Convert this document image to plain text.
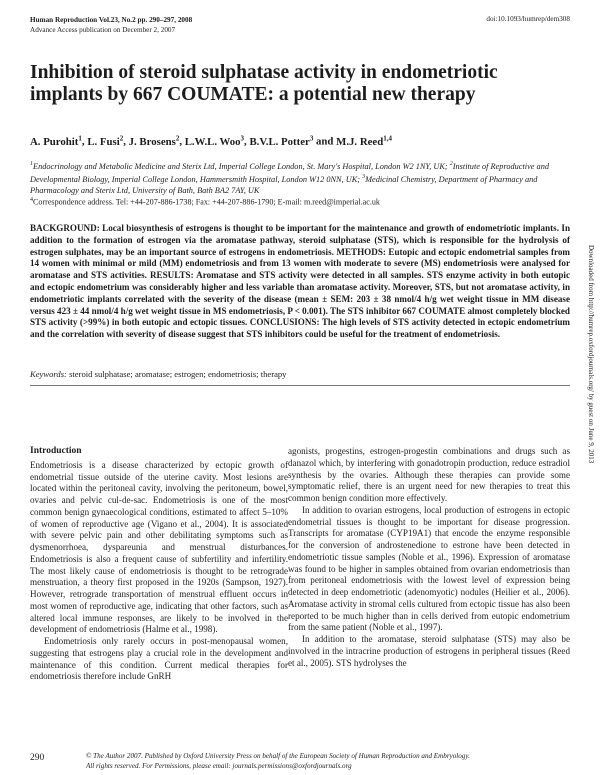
Human Reproduction Vol.23, No.2 pp. 290–297, 2008
Advance Access publication on December 2, 2007
doi:10.1093/humrep/dem308
Inhibition of steroid sulphatase activity in endometriotic implants by 667 COUMATE: a potential new therapy
A. Purohit$^1$, L. Fusi$^2$, J. Brosens$^2$, L.W.L. Woo$^3$, B.V.L. Potter$^3$ and M.J. Reed$^{1,4}$
$^1$Endocrinology and Metabolic Medicine and Sterix Ltd, Imperial College London, St. Mary's Hospital, London W2 1NY, UK; $^2$Institute of Reproductive and Developmental Biology, Imperial College London, Hammersmith Hospital, London W12 0NN, UK; $^3$Medicinal Chemistry, Department of Pharmacy and Pharmacology and Sterix Ltd, University of Bath, Bath BA2 7AY, UK
$^4$Correspondence address. Tel: +44-207-886-1738; Fax: +44-207-886-1790; E-mail: m.reed@imperial.ac.uk
BACKGROUND: Local biosynthesis of estrogens is thought to be important for the maintenance and growth of endometriotic implants. In addition to the formation of estrogen via the aromatase pathway, steroid sulphatase (STS), which is responsible for the hydrolysis of estrogen sulphates, may be an important source of estrogens in endometriosis. METHODS: Eutopic and ectopic endometrial samples from 14 women with minimal or mild (MM) endometriosis and from 13 women with moderate to severe (MS) endometriosis were analysed for aromatase and STS activities. RESULTS: Aromatase and STS activity were detected in all samples. STS enzyme activity in both eutopic and ectopic endometrium was considerably higher and less variable than aromatase activity. Moreover, STS, but not aromatase activity, in endometriotic implants correlated with the severity of the disease (mean ± SEM: 203 ± 38 nmol/4 h/g wet weight tissue in MM disease versus 423 ± 44 nmol/4 h/g wet weight tissue in MS endometriosis, P < 0.001). The STS inhibitor 667 COUMATE almost completely blocked STS activity (>99%) in both eutopic and ectopic tissues. CONCLUSIONS: The high levels of STS activity detected in ectopic endometrium and the correlation with severity of disease suggest that STS inhibitors could be useful for the treatment of endometriosis.
Keywords: steroid sulphatase; aromatase; estrogen; endometriosis; therapy
Introduction

Endometriosis is a disease characterized by ectopic growth of endometrial tissue outside of the uterine cavity. Most lesions are located within the peritoneal cavity, involving the peritoneum, bowel, ovaries and pelvic cul-de-sac. Endometriosis is one of the most common benign gynaecological conditions, estimated to affect 5–10% of women of reproductive age (Vigano et al., 2004). It is associated with severe pelvic pain and other debilitating symptoms such as dysmenorrhoea, dyspareunia and menstrual disturbances. Endometriosis is also a frequent cause of subfertility and infertility. The most likely cause of endometriosis is thought to be retrograde menstruation, a theory first proposed in the 1920s (Sampson, 1927). However, retrograde transportation of menstrual effluent occurs in most women of reproductive age, indicating that other factors, such as altered local immune responses, are likely to be involved in the development of endometriosis (Halme et al., 1998).

Endometriosis only rarely occurs in post-menopausal women, suggesting that estrogens play a crucial role in the development and maintenance of this condition. Current medical therapies for endometriosis therefore include GnRH

agonists, progestins, estrogen-progestin combinations and drugs such as danazol which, by interfering with gonadotropin production, reduce estradiol synthesis by the ovaries. Although these therapies can provide some symptomatic relief, there is an urgent need for new therapies to treat this common benign condition more effectively.

In addition to ovarian estrogens, local production of estrogens in ectopic endometrial tissues is thought to be important for disease progression. Transcripts for aromatase (CYP19A1) that encode the enzyme responsible for the conversion of androstenedione to estrone have been detected in endometriotic tissue samples (Noble et al., 1996). Expression of aromatase was found to be higher in samples obtained from ovarian endometriosis than from peritoneal endometriosis with the lowest level of expression being detected in deep endometriotic (adenomyotic) nodules (Heilier et al., 2006). Aromatase activity in stromal cells cultured from ectopic tissue has also been reported to be much higher than in cells derived from eutopic endometrium from the same patient (Noble et al., 1997).

In addition to the aromatase, steroid sulphatase (STS) may also be involved in the intracrine production of estrogens in peripheral tissues (Reed et al., 2005). STS hydrolyses the

Downloaded from http://humrep.oxfordjournals.org/ by guest on June 9, 2013
290	© The Author 2007. Published by Oxford University Press on behalf of the European Society of Human Reproduction and Embryology.
All rights reserved. For Permissions, please email: journals.permissions@oxfordjournals.org
